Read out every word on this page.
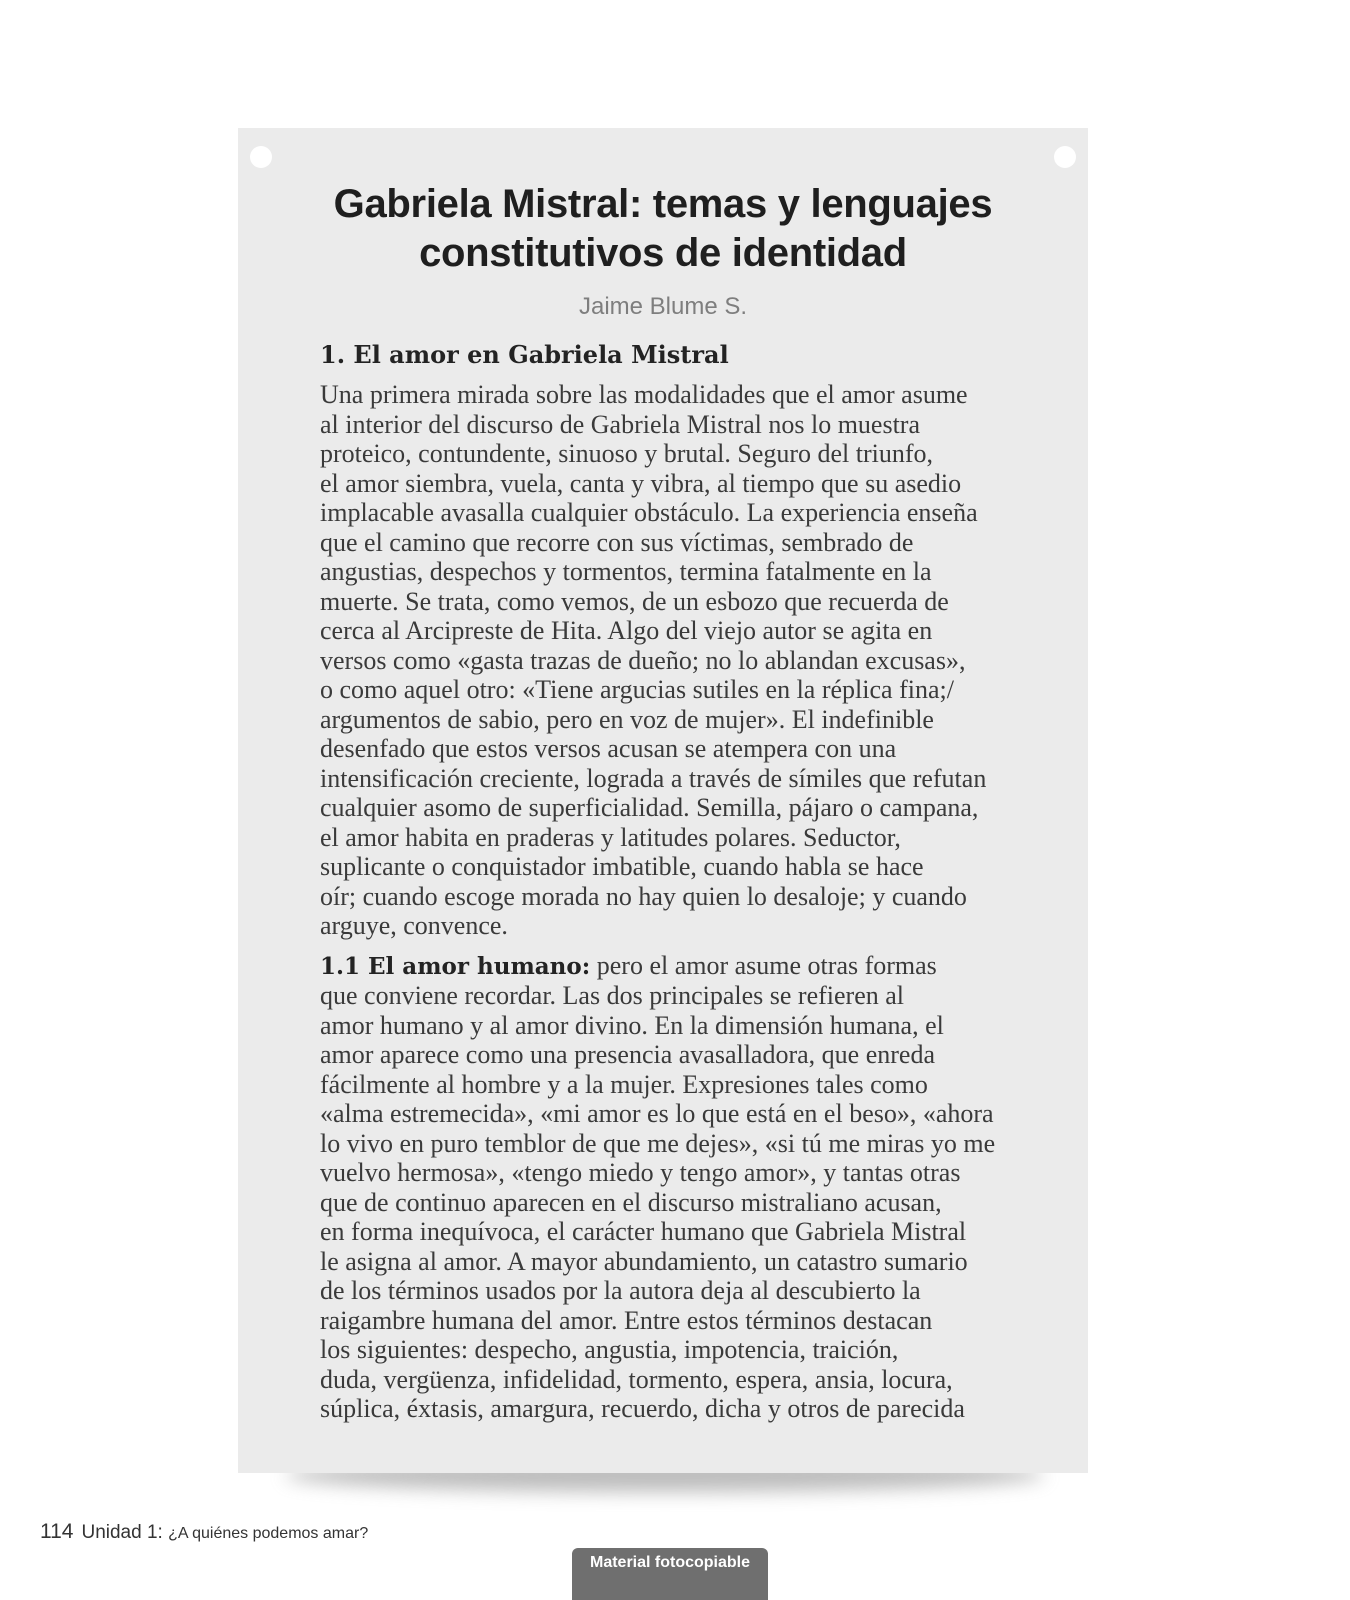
Gabriela Mistral: temas y lenguajes
constitutivos de identidad

Jaime Blume S.

1. El amor en Gabriela Mistral

Una primera mirada sobre las modalidades que el amor asume
al interior del discurso de Gabriela Mistral nos lo muestra
proteico, contundente, sinuoso y brutal. Seguro del triunfo,
el amor siembra, vuela, canta y vibra, al tiempo que su asedio
implacable avasalla cualquier obstáculo. La experiencia enseña
que el camino que recorre con sus víctimas, sembrado de
angustias, despechos y tormentos, termina fatalmente en la
muerte. Se trata, como vemos, de un esbozo que recuerda de
cerca al Arcipreste de Hita. Algo del viejo autor se agita en
versos como «gasta trazas de dueño; no lo ablandan excusas»,
o como aquel otro: «Tiene argucias sutiles en la réplica fina;/
argumentos de sabio, pero en voz de mujer». El indefinible
desenfado que estos versos acusan se atempera con una
intensificación creciente, lograda a través de símiles que refutan
cualquier asomo de superficialidad. Semilla, pájaro o campana,
el amor habita en praderas y latitudes polares. Seductor,
suplicante o conquistador imbatible, cuando habla se hace
oír; cuando escoge morada no hay quien lo desaloje; y cuando
arguye, convence.

1.1 El amor humano: pero el amor asume otras formas
que conviene recordar. Las dos principales se refieren al
amor humano y al amor divino. En la dimensión humana, el
amor aparece como una presencia avasalladora, que enreda
fácilmente al hombre y a la mujer. Expresiones tales como
«alma estremecida», «mi amor es lo que está en el beso», «ahora
lo vivo en puro temblor de que me dejes», «si tú me miras yo me
vuelvo hermosa», «tengo miedo y tengo amor», y tantas otras
que de continuo aparecen en el discurso mistraliano acusan,
en forma inequívoca, el carácter humano que Gabriela Mistral
le asigna al amor. A mayor abundamiento, un catastro sumario
de los términos usados por la autora deja al descubierto la
raigambre humana del amor. Entre estos términos destacan
los siguientes: despecho, angustia, impotencia, traición,
duda, vergüenza, infidelidad, tormento, espera, ansia, locura,
súplica, éxtasis, amargura, recuerdo, dicha y otros de parecida

114 Unidad 1: ¿A quiénes podemos amar?
Material fotocopiable
